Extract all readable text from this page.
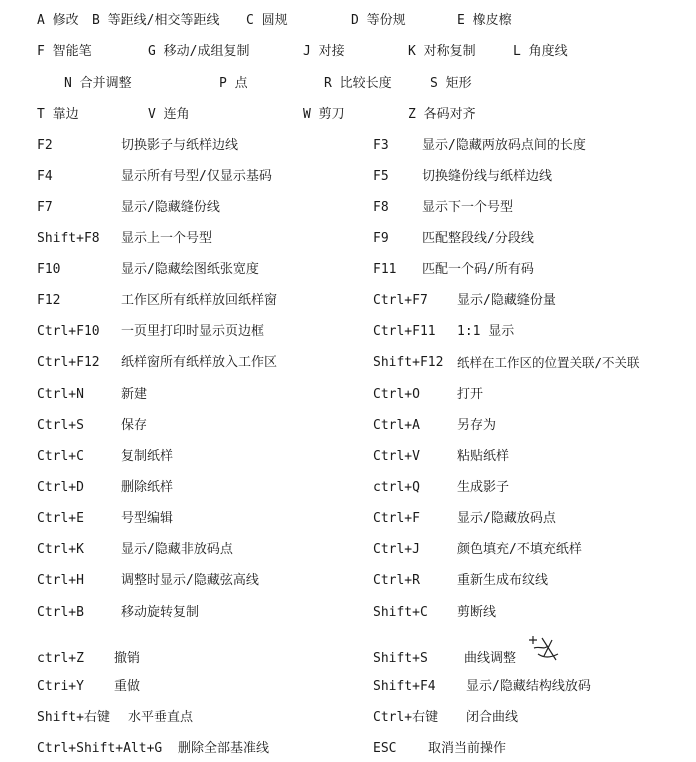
A 修改 B 等距线/相交等距线 C 圆规	D 等份规	E 橡皮檫
F 智能笔	G 移动/成组复制	J 对接	K 对称复制	L 角度线
N 合并调整	P 点	R 比较长度	S 矩形
T 靠边	V 连角	W 剪刀	Z 各码对齐
F2	切换影子与纸样边线	F3	显示/隐藏两放码点间的长度
F4	显示所有号型/仅显示基码	F5	切换缝份线与纸样边线
F7	显示/隐藏缝份线	F8	显示下一个号型
Shift+F8 显示上一个号型	F9	匹配整段线/分段线
F10	显示/隐藏绘图纸张宽度	F11 匹配一个码/所有码
F12	工作区所有纸样放回纸样窗	Ctrl+F7 显示/隐藏缝份量
Ctrl+F10 一页里打印时显示页边框	Ctrl+F11 1:1 显示
Ctrl+F12 纸样窗所有纸样放入工作区	Shift+F12 纸样在工作区的位置关联/不关联
Ctrl+N	新建	Ctrl+O	打开
Ctrl+S	保存	Ctrl+A	另存为
Ctrl+C	复制纸样	Ctrl+V	粘贴纸样
Ctrl+D	删除纸样	ctrl+Q	生成影子
Ctrl+E	号型编辑	Ctrl+F	显示/隐藏放码点
Ctrl+K	显示/隐藏非放码点	Ctrl+J	颜色填充/不填充纸样
Ctrl+H	调整时显示/隐藏弦高线	Ctrl+R	重新生成布纹线
Ctrl+B	移动旋转复制	Shift+C 剪断线
ctrl+Z 撤销	Shift+S	曲线调整
Ctri+Y 重做	Shift+F4 显示/隐藏结构线放码
Shift+右键 水平垂直点	Ctrl+右键 闭合曲线
Ctrl+Shift+Alt+G 删除全部基准线	ESC 取消当前操作
